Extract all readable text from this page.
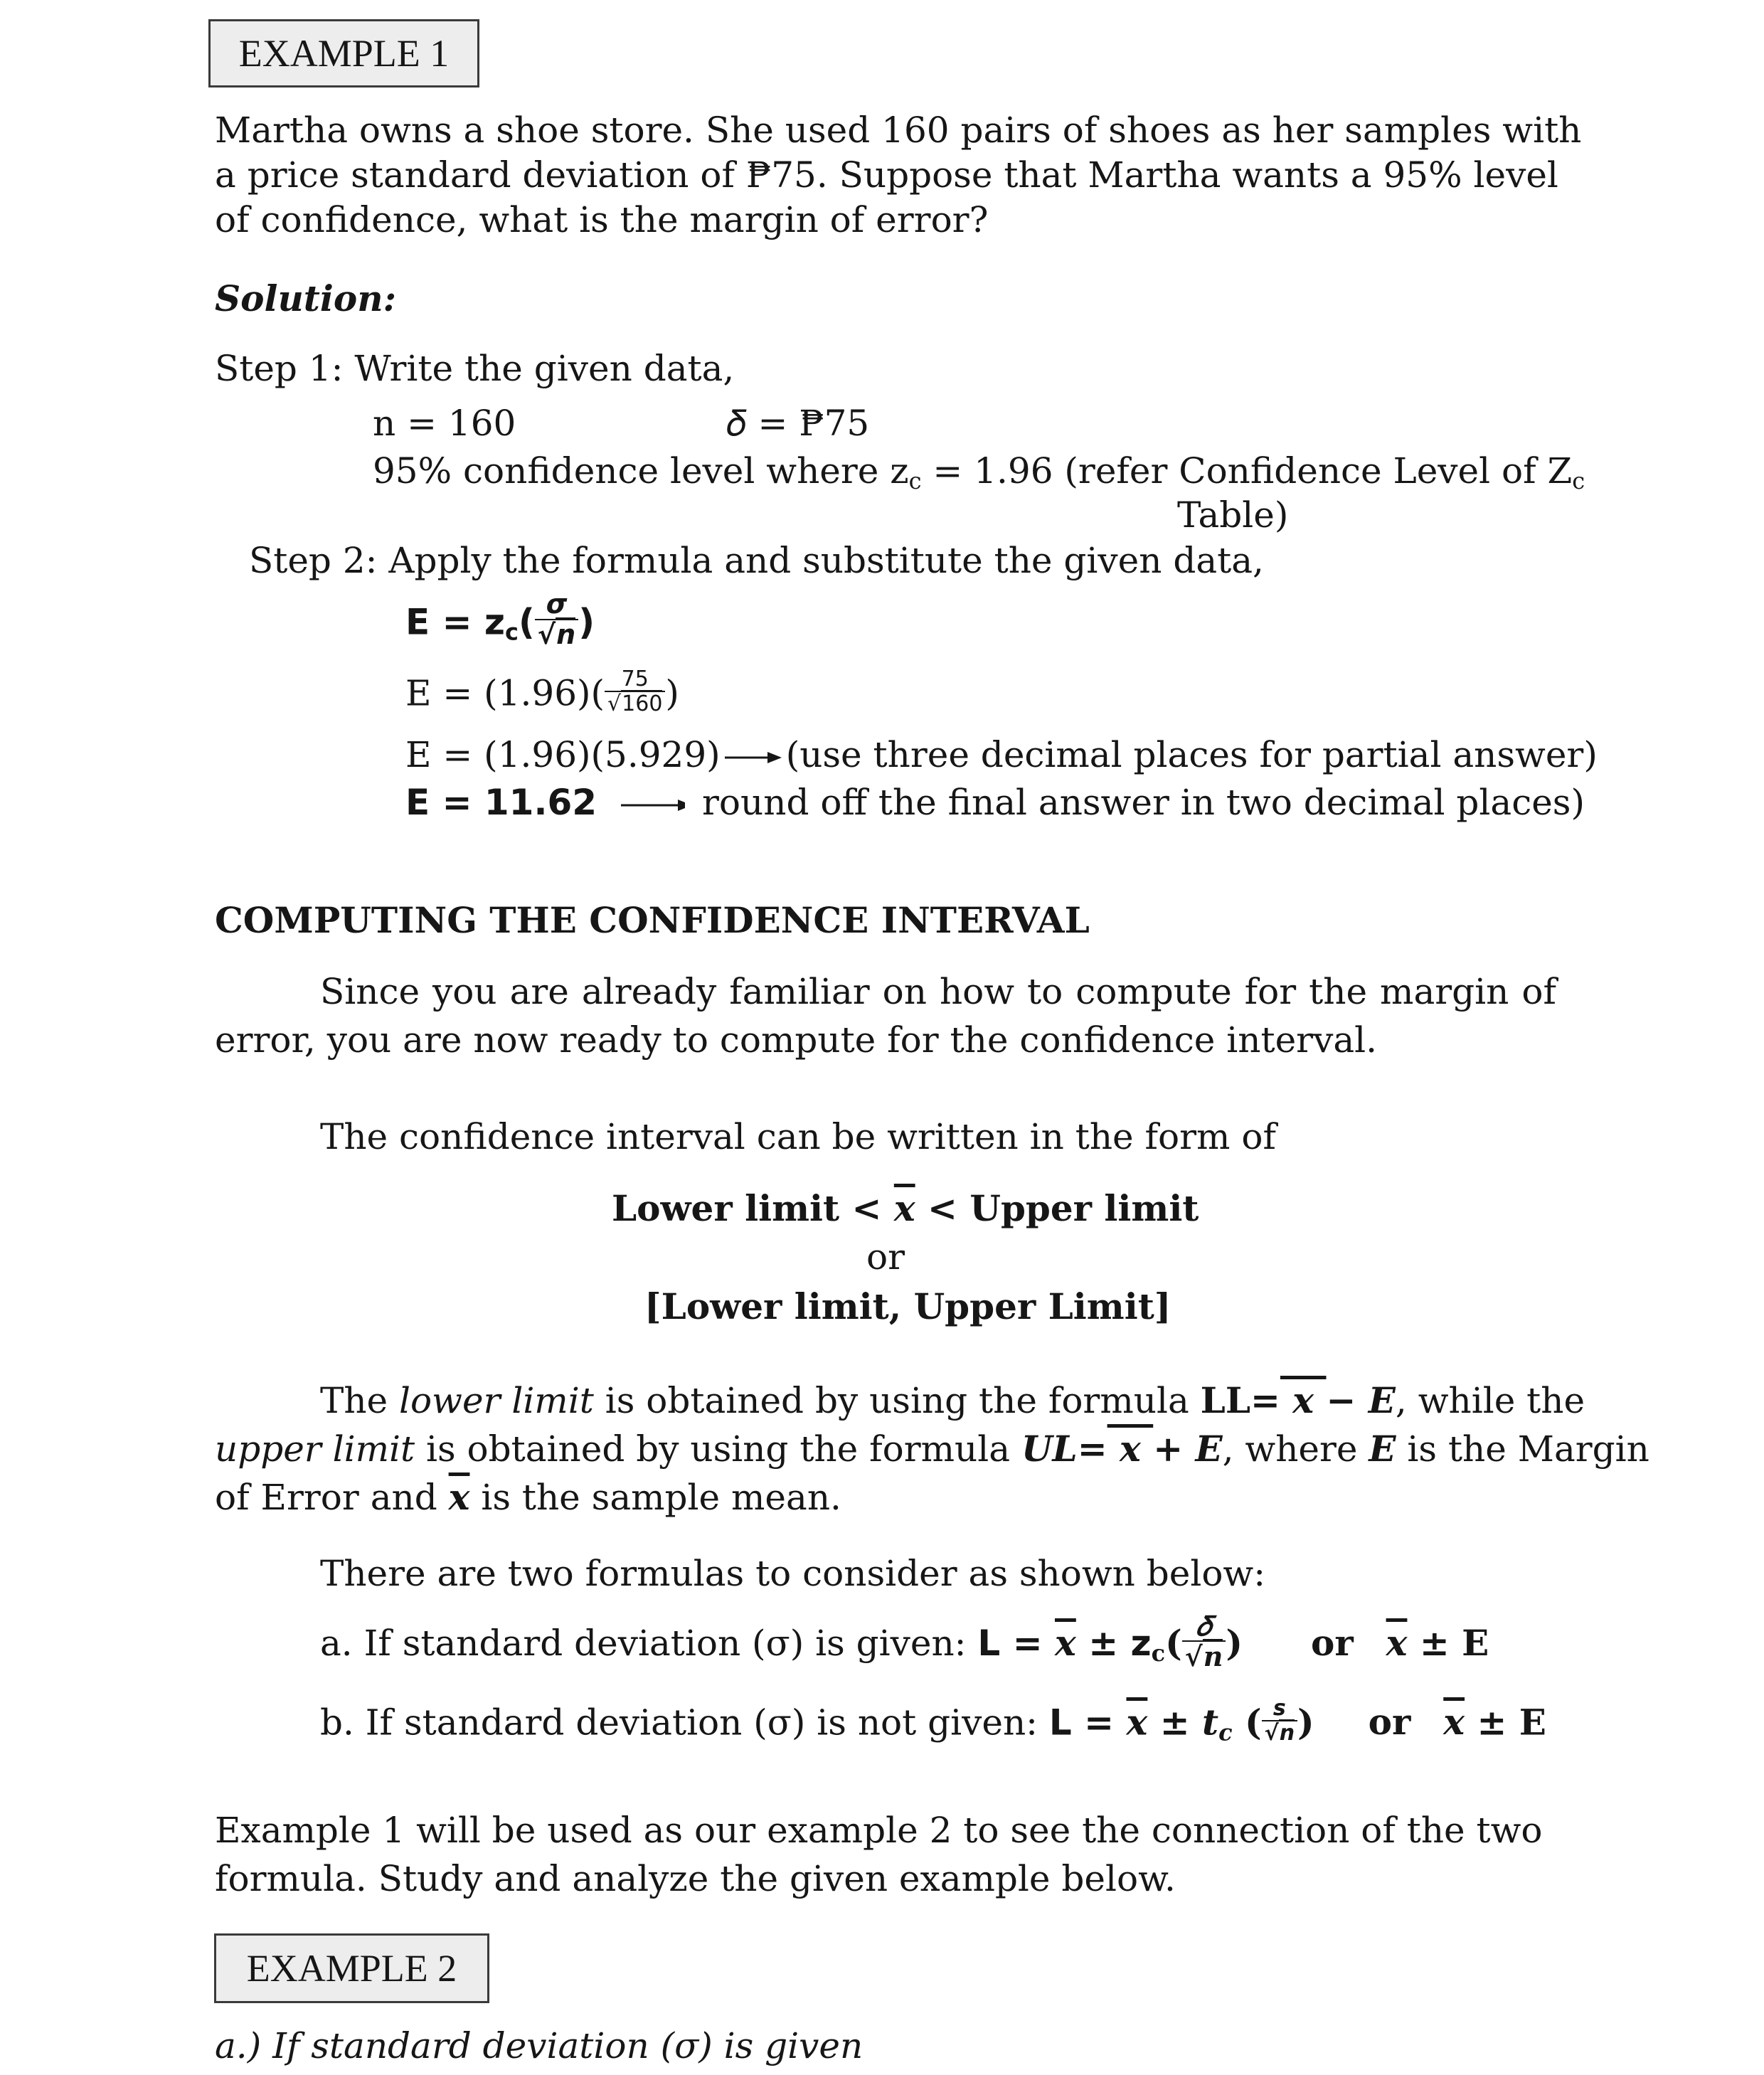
EXAMPLE 1
Martha owns a shoe store. She used 160 pairs of shoes as her samples with
a price standard deviation of ₱75. Suppose that Martha wants a 95% level
of confidence, what is the margin of error?
Solution:
Step 1: Write the given data,
n = 160	𝛿 = ₱75
95% confidence level where $z_c = 1.96$ (refer Confidence Level of $Z_c$
Table)
Step 2: Apply the formula and substitute the given data,
$E = z_c( \frac{\sigma}{√n}$ )
$E = (1.96)( \frac{75}{√160}$ )
E = (1.96)(5.929) (use three decimal places for partial answer)
E = 11.62	round off the final answer in two decimal places)
COMPUTING THE CONFIDENCE INTERVAL
Since you are already familiar on how to compute for the margin of
error, you are now ready to compute for the confidence interval.
The confidence interval can be written in the form of
Lower limit < $\overline{x}$ < Upper limit
or
[Lower limit, Upper Limit]
The lower limit is obtained by using the formula LL= x − E, while the
upper limit is obtained by using the formula UL= x + E, where E is the Margin
of Error and $\overline{x}$ is the sample mean.
There are two formulas to consider as shown below:
a. If standard deviation (σ) is given: $L = \overline{x} \pm z_c( \frac{\text{𝛿}}{√n}$ ) or $\overline{x} \pm E$
b. If standard deviation (σ) is not given: $L = \overline{x} \pm t_c$ ( $\frac{s}{√n}$ ) or $\overline{x} \pm E$
Example 1 will be used as our example 2 to see the connection of the two
formula. Study and analyze the given example below.
EXAMPLE 2
a.) If standard deviation (σ) is given
